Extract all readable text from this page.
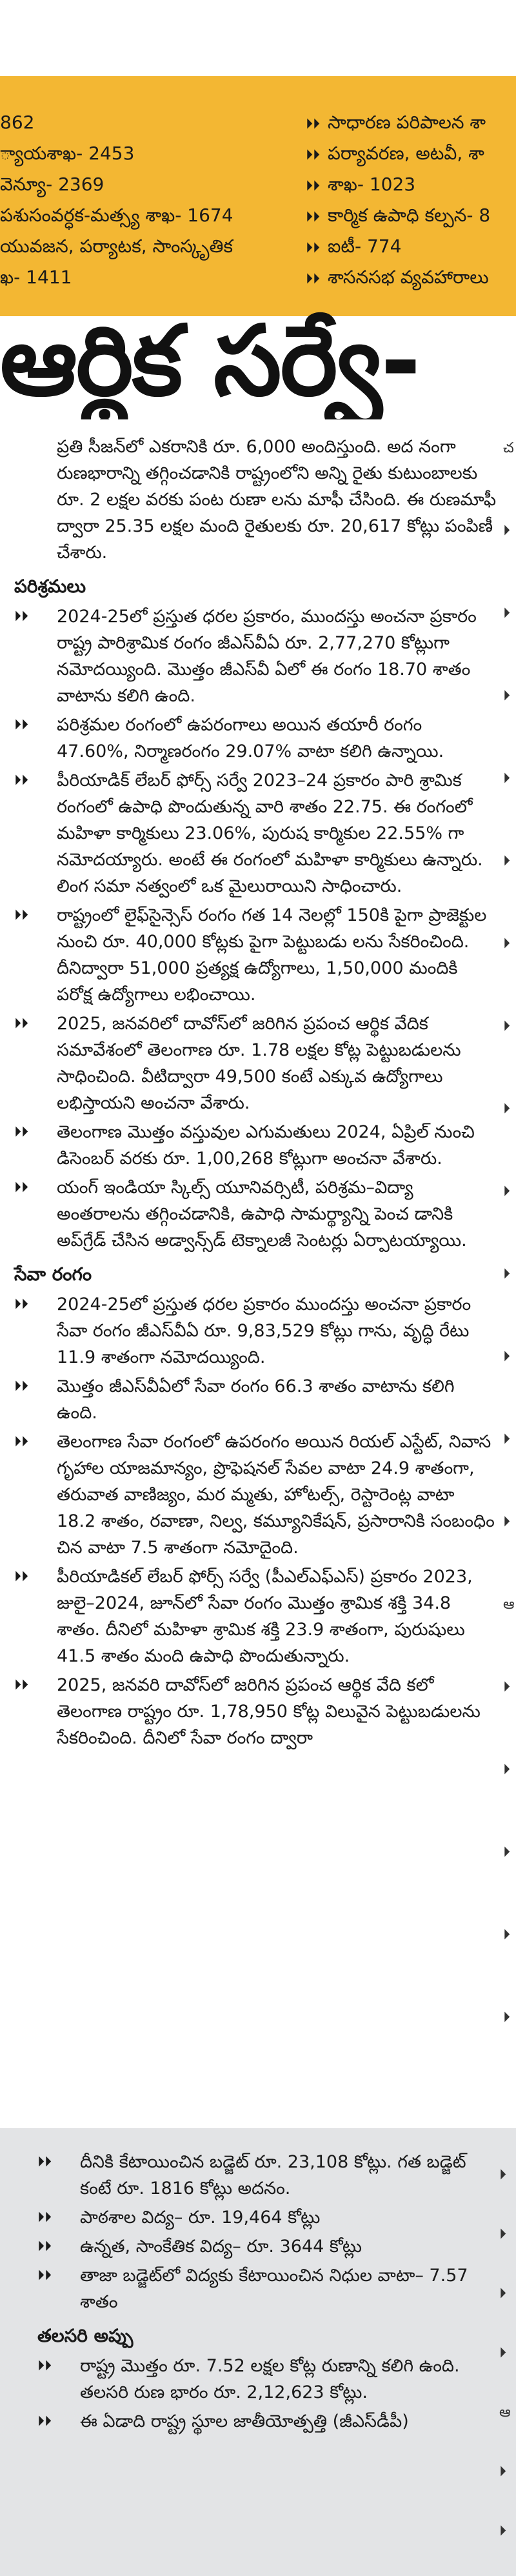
862
్యాయశాఖ- 2453
వెన్యూ- 2369
పశుసంవర్ధక-మత్స్య శాఖ- 1674
యువజన, పర్యాటక, సాంస్కృతిక
ఖ- 1411
⏵⏵ సాధారణ పరిపాలన శా
⏵⏵ పర్యావరణ, అటవీ, శా
⏵⏵ శాఖ- 1023
⏵⏵ కార్మిక ఉపాధి కల్పన- 8
⏵⏵ ఐటీ- 774
⏵⏵ శాసనసభ వ్యవహారాలు
ఆర్థిక సర్వే-

ప్రతి సీజన్‌లో ఎకరానికి రూ. 6,000 అందిస్తుంది. అద నంగా రుణభారాన్ని తగ్గించడానికి రాష్ట్రంలోని అన్ని రైతు కుటుంబాలకు రూ. 2 లక్షల వరకు పంట రుణా లను మాఫీ చేసింది. ఈ రుణమాఫీ ద్వారా 25.35 లక్షల మంది రైతులకు రూ. 20,617 కోట్లు పంపిణీ చేశారు.

పరిశ్రమలు
⏵⏵	2024-25లో ప్రస్తుత ధరల ప్రకారం, ముందస్తు అంచనా ప్రకారం రాష్ట్ర పారిశ్రామిక రంగం జీఎస్‌వీఏ రూ. 2,77,270 కోట్లుగా నమోదయ్యింది. మొత్తం జీఎస్‌వీ ఏలో ఈ రంగం 18.70 శాతం వాటాను కలిగి ఉంది.
⏵⏵	పరిశ్రమల రంగంలో ఉపరంగాలు అయిన తయారీ రంగం 47.60%, నిర్మాణరంగం 29.07% వాటా కలిగి ఉన్నాయి.
⏵⏵	పీరియాడిక్ లేబర్ ఫోర్స్ సర్వే 2023–24 ప్రకారం పారి శ్రామిక రంగంలో ఉపాధి పొందుతున్న వారి శాతం 22.75. ఈ రంగంలో మహిళా కార్మికులు 23.06%, పురుష కార్మికుల 22.55% గా నమోదయ్యారు. అంటే ఈ రంగంలో మహిళా కార్మికులు ఉన్నారు. లింగ సమా నత్వంలో ఒక మైలురాయిని సాధించారు.
⏵⏵	రాష్ట్రంలో లైఫ్‌సైన్సెస్ రంగం గత 14 నెలల్లో 150కి పైగా ప్రాజెక్టుల నుంచి రూ. 40,000 కోట్లకు పైగా పెట్టుబడు లను సేకరించింది. దీనిద్వారా 51,000 ప్రత్యక్ష ఉద్యోగాలు, 1,50,000 మందికి పరోక్ష ఉద్యోగాలు లభించాయి.
⏵⏵	2025, జనవరిలో దావోస్‌లో జరిగిన ప్రపంచ ఆర్థిక వేదిక సమావేశంలో తెలంగాణ రూ. 1.78 లక్షల కోట్ల పెట్టుబడులను సాధించింది. వీటిద్వారా 49,500 కంటే ఎక్కువ ఉద్యోగాలు లభిస్తాయని అంచనా వేశారు.
⏵⏵	తెలంగాణ మొత్తం వస్తువుల ఎగుమతులు 2024, ఏప్రిల్ నుంచి డిసెంబర్ వరకు రూ. 1,00,268 కోట్లుగా అంచనా వేశారు.
⏵⏵	యంగ్ ఇండియా స్కిల్స్ యూనివర్సిటీ, పరిశ్రమ–విద్యా అంతరాలను తగ్గించడానికి, ఉపాధి సామర్థ్యాన్ని పెంచ డానికి అప్‌గ్రేడ్ చేసిన అడ్వాన్స్‌డ్ టెక్నాలజీ సెంటర్లు ఏర్పాటయ్యాయి.
సేవా రంగం
⏵⏵	2024-25లో ప్రస్తుత ధరల ప్రకారం ముందస్తు అంచనా ప్రకారం సేవా రంగం జీఎస్‌వీఏ రూ. 9,83,529 కోట్లు గాను, వృద్ధి రేటు 11.9 శాతంగా నమోదయ్యింది.
⏵⏵	మొత్తం జీఎస్‌వీఏలో సేవా రంగం 66.3 శాతం వాటాను కలిగి ఉంది.
⏵⏵	తెలంగాణ సేవా రంగంలో ఉపరంగం అయిన రియల్ ఎస్టేట్, నివాస గృహాల యాజమాన్యం, ప్రొఫెషనల్ సేవల వాటా 24.9 శాతంగా, తరువాత వాణిజ్యం, మర మ్మతు, హోటల్స్, రెస్టారెంట్ల వాటా 18.2 శాతం, రవాణా, నిల్వ, కమ్యూనికేషన్, ప్రసారానికి సంబంధిం చిన వాటా 7.5 శాతంగా నమోదైంది.
⏵⏵	పీరియాడికల్ లేబర్ ఫోర్స్ సర్వే (పీఎల్‌ఎఫ్‌ఎస్) ప్రకారం 2023, జులై–2024, జూన్‌లో సేవా రంగం మొత్తం శ్రామిక శక్తి 34.8 శాతం. దీనిలో మహిళా శ్రామిక శక్తి 23.9 శాతంగా, పురుషులు 41.5 శాతం మంది ఉపాధి పొందుతున్నారు.
⏵⏵	2025, జనవరి దావోస్‌లో జరిగిన ప్రపంచ ఆర్థిక వేది కలో తెలంగాణ రాష్ట్రం రూ. 1,78,950 కోట్ల విలువైన పెట్టుబడులను సేకరించింది. దీనిలో సేవా రంగం ద్వారా
చ
⏵
⏵
⏵
⏵
⏵
⏵
⏵
⏵
⏵
⏵
⏵
⏵
⏵
ఆ
⏵
⏵
⏵
⏵
⏵
⏵⏵	దీనికి కేటాయించిన బడ్జెట్ రూ. 23,108 కోట్లు. గత బడ్జెట్ కంటే రూ. 1816 కోట్లు అదనం.
⏵⏵	పాఠశాల విద్య– రూ. 19,464 కోట్లు
⏵⏵	ఉన్నత, సాంకేతిక విద్య– రూ. 3644 కోట్లు
⏵⏵	తాజా బడ్జెట్‌లో విద్యకు కేటాయించిన నిధుల వాటా– 7.57 శాతం
తలసరి అప్పు
⏵⏵	రాష్ట్ర మొత్తం రూ. 7.52 లక్షల కోట్ల రుణాన్ని కలిగి ఉంది. తలసరి రుణ భారం రూ. 2,12,623 కోట్లు.
⏵⏵	ఈ ఏడాది రాష్ట్ర స్థూల జాతీయోత్పత్తి (జీఎస్‌డీపీ)
⏵
⏵
⏵
⏵
ఆ
⏵
⏵
